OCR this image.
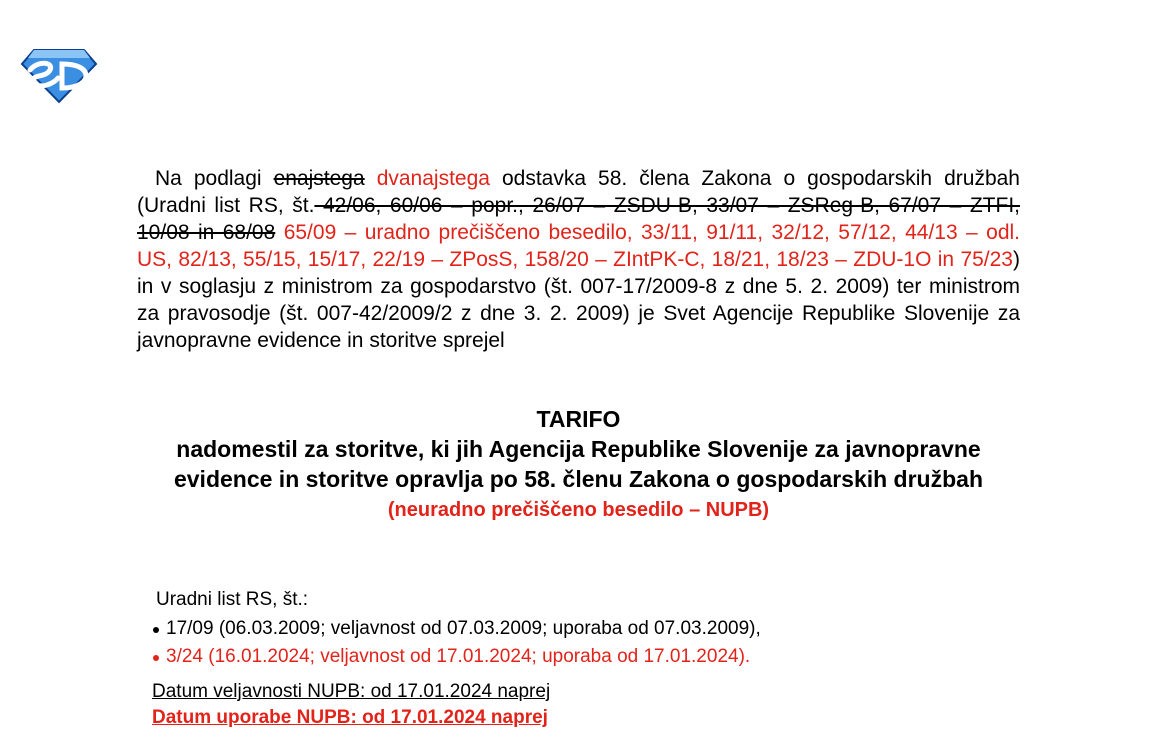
Na podlagi enajstega dvanajstega odstavka 58. člena Zakona o gospodarskih družbah (Uradni list RS, št. 42/06, 60/06 – popr., 26/07 – ZSDU-B, 33/07 – ZSReg-B, 67/07 – ZTFI, 10/08 in 68/08 65/09 – uradno prečiščeno besedilo, 33/11, 91/11, 32/12, 57/12, 44/13 – odl. US, 82/13, 55/15, 15/17, 22/19 – ZPosS, 158/20 – ZIntPK-C, 18/21, 18/23 – ZDU-1O in 75/23) in v soglasju z ministrom za gospodarstvo (št. 007-17/2009-8 z dne 5. 2. 2009) ter ministrom za pravosodje (št. 007-42/2009/2 z dne 3. 2. 2009) je Svet Agencije Republike Slovenije za javnopravne evidence in storitve sprejel

TARIFO
nadomestil za storitve, ki jih Agencija Republike Slovenije za javnopravne evidence in storitve opravlja po 58. členu Zakona o gospodarskih družbah
(neuradno prečiščeno besedilo – NUPB)
Uradni list RS, št.:
17/09 (06.03.2009; veljavnost od 07.03.2009; uporaba od 07.03.2009),
3/24 (16.01.2024; veljavnost od 17.01.2024; uporaba od 17.01.2024).
Datum veljavnosti NUPB: od 17.01.2024 naprej
Datum uporabe NUPB: od 17.01.2024 naprej
